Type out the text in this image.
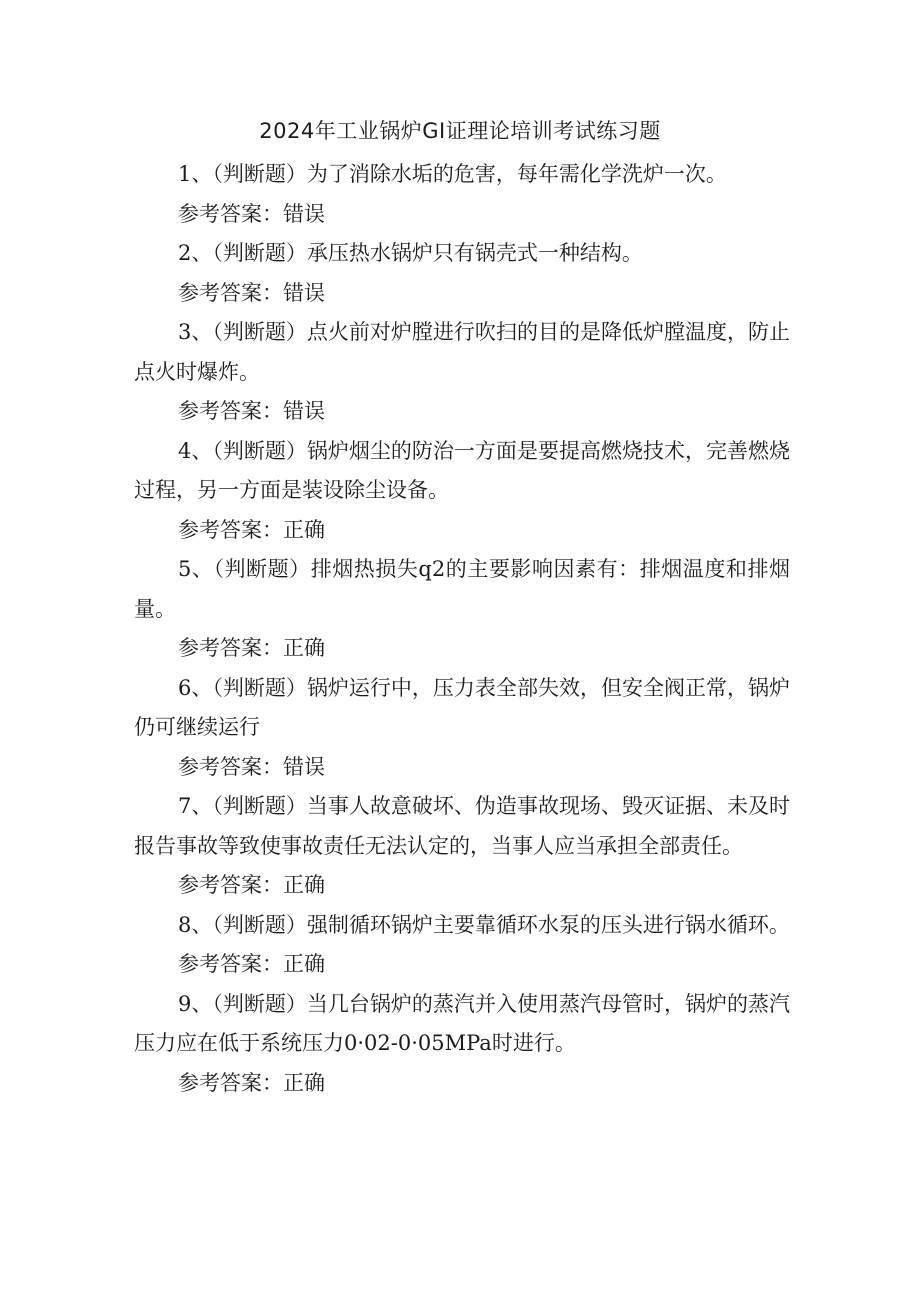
2024年工业锅炉GI证理论培训考试练习题

1、（判断题）为了消除水垢的危害，每年需化学洗炉一次。

参考答案：错误

2、（判断题）承压热水锅炉只有锅壳式一种结构。

参考答案：错误

3、（判断题）点火前对炉膛进行吹扫的目的是降低炉膛温度，防止点火时爆炸。

参考答案：错误

4、（判断题）锅炉烟尘的防治一方面是要提高燃烧技术，完善燃烧过程，另一方面是装设除尘设备。

参考答案：正确

5、（判断题）排烟热损失q2的主要影响因素有：排烟温度和排烟量。

参考答案：正确

6、（判断题）锅炉运行中，压力表全部失效，但安全阀正常，锅炉仍可继续运行

参考答案：错误

7、（判断题）当事人故意破坏、伪造事故现场、毁灭证据、未及时报告事故等致使事故责任无法认定的，当事人应当承担全部责任。

参考答案：正确

8、（判断题）强制循环锅炉主要靠循环水泵的压头进行锅水循环。

参考答案：正确

9、（判断题）当几台锅炉的蒸汽并入使用蒸汽母管时，锅炉的蒸汽压力应在低于系统压力0·02-0·05MPa时进行。

参考答案：正确
